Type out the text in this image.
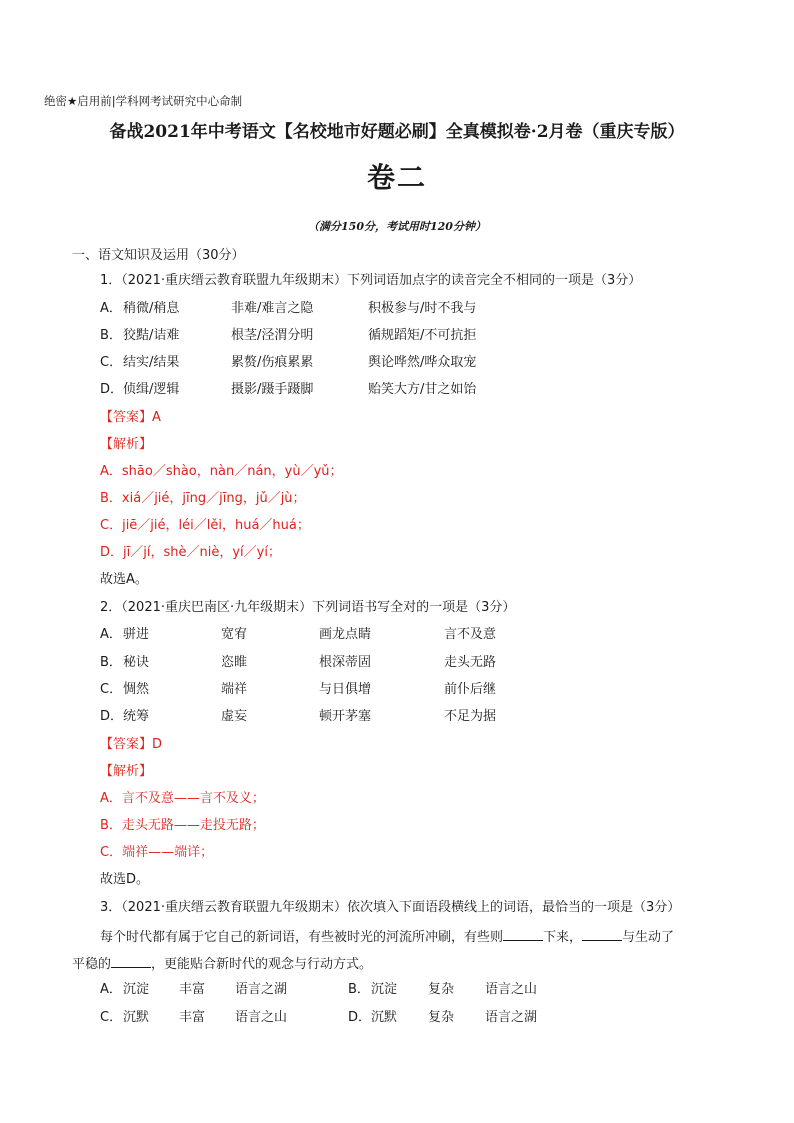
绝密★启用前|学科网考试研究中心命制
备战2021年中考语文【名校地市好题必刷】全真模拟卷·2月卷（重庆专版）
卷二
（满分150分，考试用时120分钟）
一、语文知识及运用（30分）
1．（2021·重庆缙云教育联盟九年级期末）下列词语加点字的读音完全不相同的一项是（3分）
A． 稍微/稍息	非难/难言之隐	积极参与/时不我与
B． 狡黠/诘难	根茎/泾渭分明	循规蹈矩/不可抗拒
C． 结实/结果	累赘/伤痕累累	舆论哗然/哗众取宠
D． 侦缉/逻辑	摄影/蹑手蹑脚	贻笑大方/甘之如饴
【答案】A
【解析】
A．shāo／shào，nàn／nán，yù／yǔ；
B．xiá／jié，jīng／jīng，jǔ／jù；
C．jiē／jié，léi／lěi，huá／huá；
D．jī／jí，shè／niè，yí／yí；
故选A。
2．（2021·重庆巴南区·九年级期末）下列词语书写全对的一项是（3分）
A． 骈进	宽宥	画龙点睛	言不及意
B． 秘诀	恣睢	根深蒂固	走头无路
C． 惆然	端祥	与日俱增	前仆后继
D． 统筹	虚妄	顿开茅塞	不足为据
【答案】D
【解析】
A．言不及意——言不及义；
B．走头无路——走投无路；
C．端祥——端详；
故选D。
3．（2021·重庆缙云教育联盟九年级期末）依次填入下面语段横线上的词语，最恰当的一项是（3分）
每个时代都有属于它自己的新词语，有些被时光的河流所冲刷，有些则	下来，	与生动了
平稳的	，更能贴合新时代的观念与行动方式。
A． 沉淀 丰富 语言之湖	B． 沉淀 复杂 语言之山
C． 沉默 丰富 语言之山	D． 沉默 复杂 语言之湖
